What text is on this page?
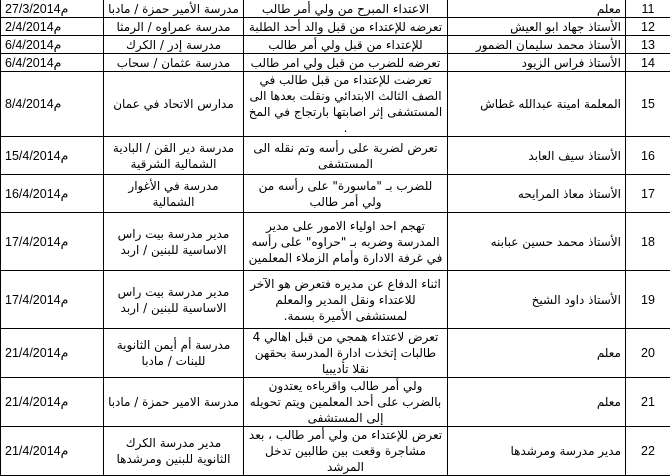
27/3/2014م	مدرسة الأمير حمزة / مادبا	الاعتداء المبرح من ولي أمر طالب	معلم	11
2/4/2014م	مدرسة عمراوه / الرمثا	تعرضه للإعتداء من قبل والد أحد الطلبة	الأستاذ جهاد ابو العيش	12
6/4/2014م	مدرسة إدر / الكرك	للإعتداء من قبل ولي أمر طالب	الأستاذ محمد سليمان الضمور	13
6/4/2014م	مدرسة عثمان / سحاب	تعرضه للضرب من قبل ولي امر طالب	الأستاذ فراس الزيود	14
8/4/2014م	مدارس الاتحاد في عمان	تعرضت للإعتداء من قبل طالب في الصف الثالث الابتدائي ونقلت بعدها الى المستشفى إثر اصابتها بارتجاج في المخ .	المعلمة امينة عبدالله غطاش	15
15/4/2014م	مدرسة دير القن / البادية الشمالية الشرقية	تعرض لضربة على رأسه وتم نقله الى المستشفى	الأستاذ سيف العابد	16
16/4/2014م	مدرسة في الأغوار الشمالية	للضرب بـ "ماسورة" على رأسه من ولي أمر طالب	الأستاذ معاذ المرايحه	17
17/4/2014م	مدير مدرسة بيت راس الاساسية للبنين / اربد	تهجم احد اولياء الامور على مدير المدرسة وضربه بـ "حراوه" على رأسه في غرفة الادارة وأمام الزملاء المعلمين	الأستاذ محمد حسين عبابنه	18
17/4/2014م	مدير مدرسة بيت راس الاساسية للبنين / اربد	اثناء الدفاع عن مديره فتعرض هو الآخر للاعتداء ونقل المدير والمعلم لمستشفى الأميرة بسمة.	الأستاذ داود الشيخ	19
21/4/2014م	مدرسة أم أيمن الثانوية للبنات / مادبا	تعرض لاعتداء همجي من قبل اهالي 4 طالبات إتخذت ادارة المدرسة بحقهن نقلا تأديبيا	معلم	20
21/4/2014م	مدرسة الامير حمزة / مادبا	ولي أمر طالب واقرباءه يعتدون بالضرب على أحد المعلمين ويتم تحويله إلى المستشفى	معلم	21
21/4/2014م	مدير مدرسة الكرك الثانوية للبنين ومرشدها	تعرض للإعتداء من ولي أمر طالب ، بعد مشاجرة وقعت بين طالبين تدخل المرشد	مدير مدرسة ومرشدها	22
